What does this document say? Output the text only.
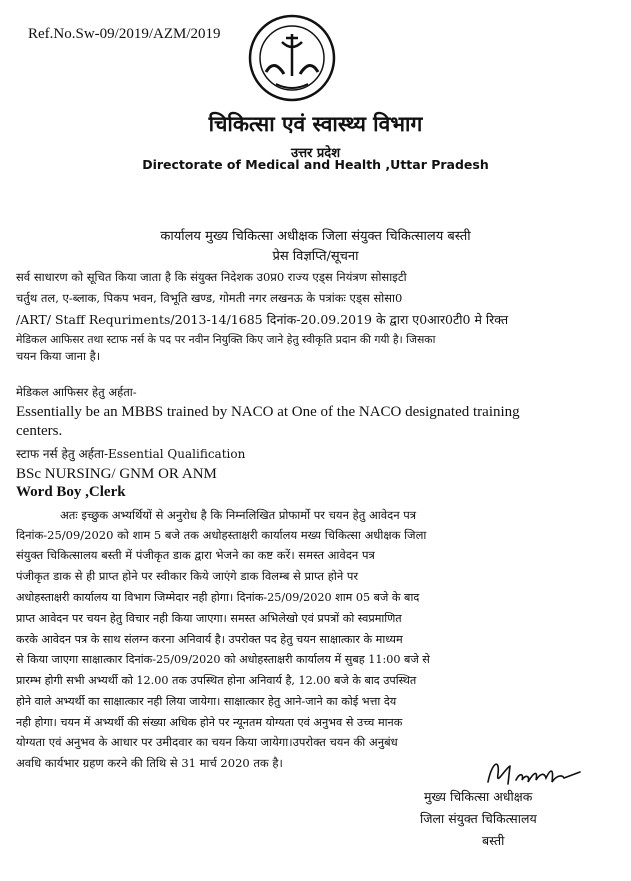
Ref.No.Sw-09/2019/AZM/2019
चिकित्सा एवं स्वास्थ्य विभाग
उत्तर प्रदेश
Directorate of Medical and Health ,Uttar Pradesh
कार्यालय मुख्य चिकित्सा अधीक्षक जिला संयुक्त चिकित्सालय बस्ती
प्रेस विज्ञप्ति/सूचना
सर्व साधारण को सूचित किया जाता है कि संयुक्त निदेशक उ0प्र0 राज्य एड्स नियंत्रण सोसाइटी
चर्तुथ तल, ए-ब्लाक, पिकप भवन, विभूति खण्ड, गोमती नगर लखनऊ के पत्रांकः एड्स सोसा0
/ART/ Staff Requriments/2013-14/1685 दिनांक-20.09.2019 के द्वारा ए0आर0टी0 मे रिक्त
मेडिकल आफिसर तथा स्टाफ नर्स के पद पर नवीन नियुक्ति किए जाने हेतु स्वीकृति प्रदान की गयी है। जिसका
चयन किया जाना है।
मेडिकल आफिसर हेतु अर्हता-
Essentially be an MBBS trained by NACO at One of the NACO designated training
centers.
स्टाफ नर्स हेतु अर्हता-Essential Qualification
BSc NURSING/ GNM OR ANM
Word Boy ,Clerk
अतः इच्छुक अभ्यर्थियों से अनुरोध है कि निम्नलिखित प्रोफार्मो पर चयन हेतु आवेदन पत्र
दिनांक-25/09/2020 को शाम 5 बजे तक अधोहस्ताक्षरी कार्यालय मख्य चिकित्सा अधीक्षक जिला
संयुक्त चिकित्सालय बस्ती में पंजीकृत डाक द्वारा भेजने का कष्ट करें। समस्त आवेदन पत्र
पंजीकृत डाक से ही प्राप्त होने पर स्वीकार किये जाएंगे डाक विलम्ब से प्राप्त होने पर
अधोहस्ताक्षरी कार्यालय या विभाग जिम्मेदार नही होगा। दिनांक-25/09/2020 शाम 05 बजे के बाद
प्राप्त आवेदन पर चयन हेतु विचार नही किया जाएगा। समस्त अभिलेखो एवं प्रपत्रों को स्वप्रमाणित
करके आवेदन पत्र के साथ संलग्न करना अनिवार्य है। उपरोक्त पद हेतु चयन साक्षात्कार के माध्यम
से किया जाएगा साक्षात्कार दिनांक-25/09/2020 को अधोहस्ताक्षरी कार्यालय में सुबह 11:00 बजे से
प्रारम्भ होगी सभी अभ्यर्थी को 12.00 तक उपस्थित होना अनिवार्य है, 12.00 बजे के बाद उपस्थित
होने वाले अभ्यर्थी का साक्षात्कार नही लिया जायेगा। साक्षात्कार हेतु आने-जाने का कोई भत्ता देय
नही होगा। चयन में अभ्यर्थी की संख्या अधिक होने पर न्यूनतम योग्यता एवं अनुभव से उच्च मानक
योग्यता एवं अनुभव के आधार पर उमीदवार का चयन किया जायेगा।उपरोक्त चयन की अनुबंध
अवधि कार्यभार ग्रहण करने की तिथि से 31 मार्च 2020 तक है।
मुख्य चिकित्सा अधीक्षक
जिला संयुक्त चिकित्सालय
बस्ती
